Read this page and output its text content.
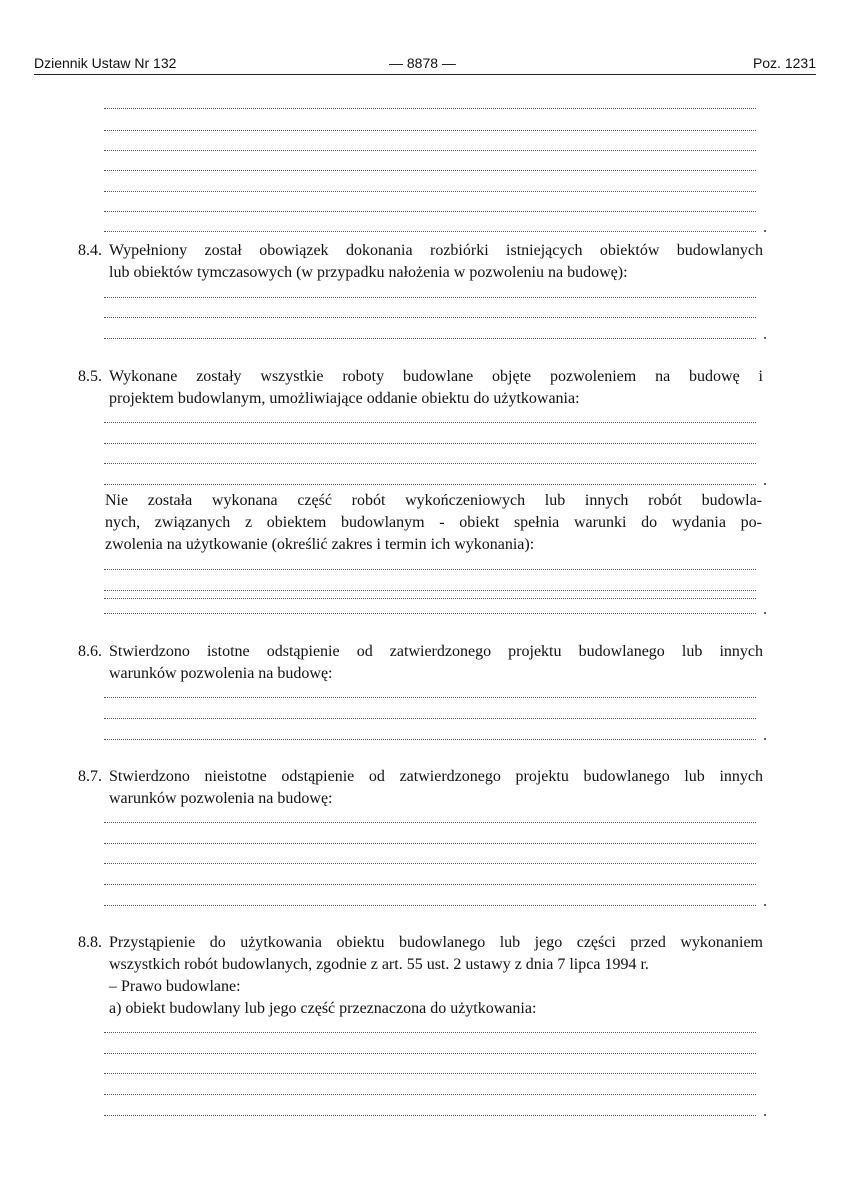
Dziennik Ustaw Nr 132	— 8878 —	Poz. 1231
8.4. Wypełniony został obowiązek dokonania rozbiórki istniejących obiektów budowlanych
lub obiektów tymczasowych (w przypadku nałożenia w pozwoleniu na budowę):
8.5. Wykonane zostały wszystkie roboty budowlane objęte pozwoleniem na budowę i
projektem budowlanym, umożliwiające oddanie obiektu do użytkowania:
Nie została wykonana część robót wykończeniowych lub innych robót budowla-
nych, związanych z obiektem budowlanym - obiekt spełnia warunki do wydania po-
zwolenia na użytkowanie (określić zakres i termin ich wykonania):
8.6. Stwierdzono istotne odstąpienie od zatwierdzonego projektu budowlanego lub innych
warunków pozwolenia na budowę:
8.7. Stwierdzono nieistotne odstąpienie od zatwierdzonego projektu budowlanego lub innych
warunków pozwolenia na budowę:
8.8. Przystąpienie do użytkowania obiektu budowlanego lub jego części przed wykonaniem
wszystkich robót budowlanych, zgodnie z art. 55 ust. 2 ustawy z dnia 7 lipca 1994 r.
– Prawo budowlane:
a) obiekt budowlany lub jego część przeznaczona do użytkowania:
